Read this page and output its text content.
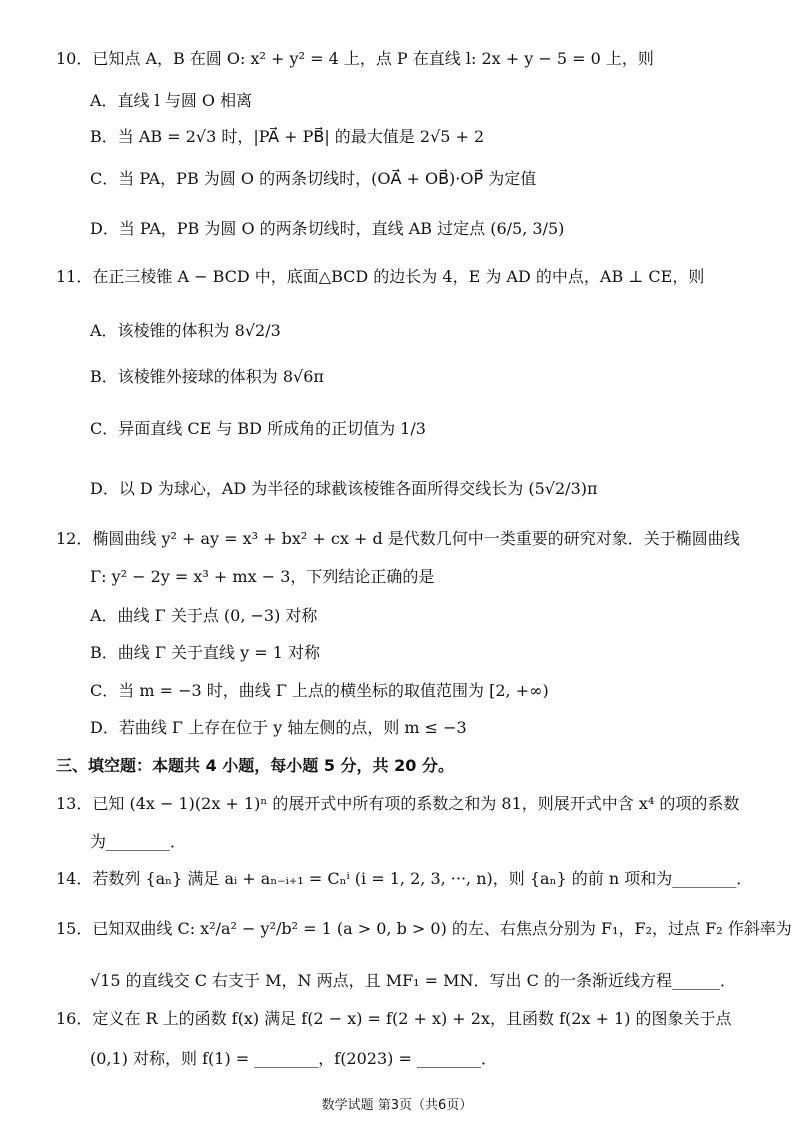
10．已知点 A，B 在圆 O: x² + y² = 4 上，点 P 在直线 l: 2x + y − 5 = 0 上，则
A．直线 l 与圆 O 相离
B．当 AB = 2√3 时，|PA⃗ + PB⃗| 的最大值是 2√5 + 2
C．当 PA，PB 为圆 O 的两条切线时，(OA⃗ + OB⃗)·OP⃗ 为定值
D．当 PA，PB 为圆 O 的两条切线时，直线 AB 过定点 (6/5, 3/5)
11．在正三棱锥 A − BCD 中，底面△BCD 的边长为 4，E 为 AD 的中点，AB ⊥ CE，则
A．该棱锥的体积为 8√2/3
B．该棱锥外接球的体积为 8√6π
C．异面直线 CE 与 BD 所成角的正切值为 1/3
D．以 D 为球心，AD 为半径的球截该棱锥各面所得交线长为 (5√2/3)π
12．椭圆曲线 y² + ay = x³ + bx² + cx + d 是代数几何中一类重要的研究对象．关于椭圆曲线
Γ: y² − 2y = x³ + mx − 3，下列结论正确的是
A．曲线 Γ 关于点 (0, −3) 对称
B．曲线 Γ 关于直线 y = 1 对称
C．当 m = −3 时，曲线 Γ 上点的横坐标的取值范围为 [2, +∞)
D．若曲线 Γ 上存在位于 y 轴左侧的点，则 m ≤ −3
三、填空题：本题共 4 小题，每小题 5 分，共 20 分。
13．已知 (4x − 1)(2x + 1)ⁿ 的展开式中所有项的系数之和为 81，则展开式中含 x⁴ 的项的系数
为________．
14．若数列 {aₙ} 满足 aᵢ + aₙ₋ᵢ₊₁ = Cₙⁱ (i = 1, 2, 3, ···, n)，则 {aₙ} 的前 n 项和为________．
15．已知双曲线 C: x²/a² − y²/b² = 1 (a > 0, b > 0) 的左、右焦点分别为 F₁，F₂，过点 F₂ 作斜率为
√15 的直线交 C 右支于 M，N 两点，且 MF₁ = MN．写出 C 的一条渐近线方程______．
16．定义在 R 上的函数 f(x) 满足 f(2 − x) = f(2 + x) + 2x，且函数 f(2x + 1) 的图象关于点
(0,1) 对称，则 f(1) = ________，f(2023) = ________．
数学试题 第3页（共6页）
